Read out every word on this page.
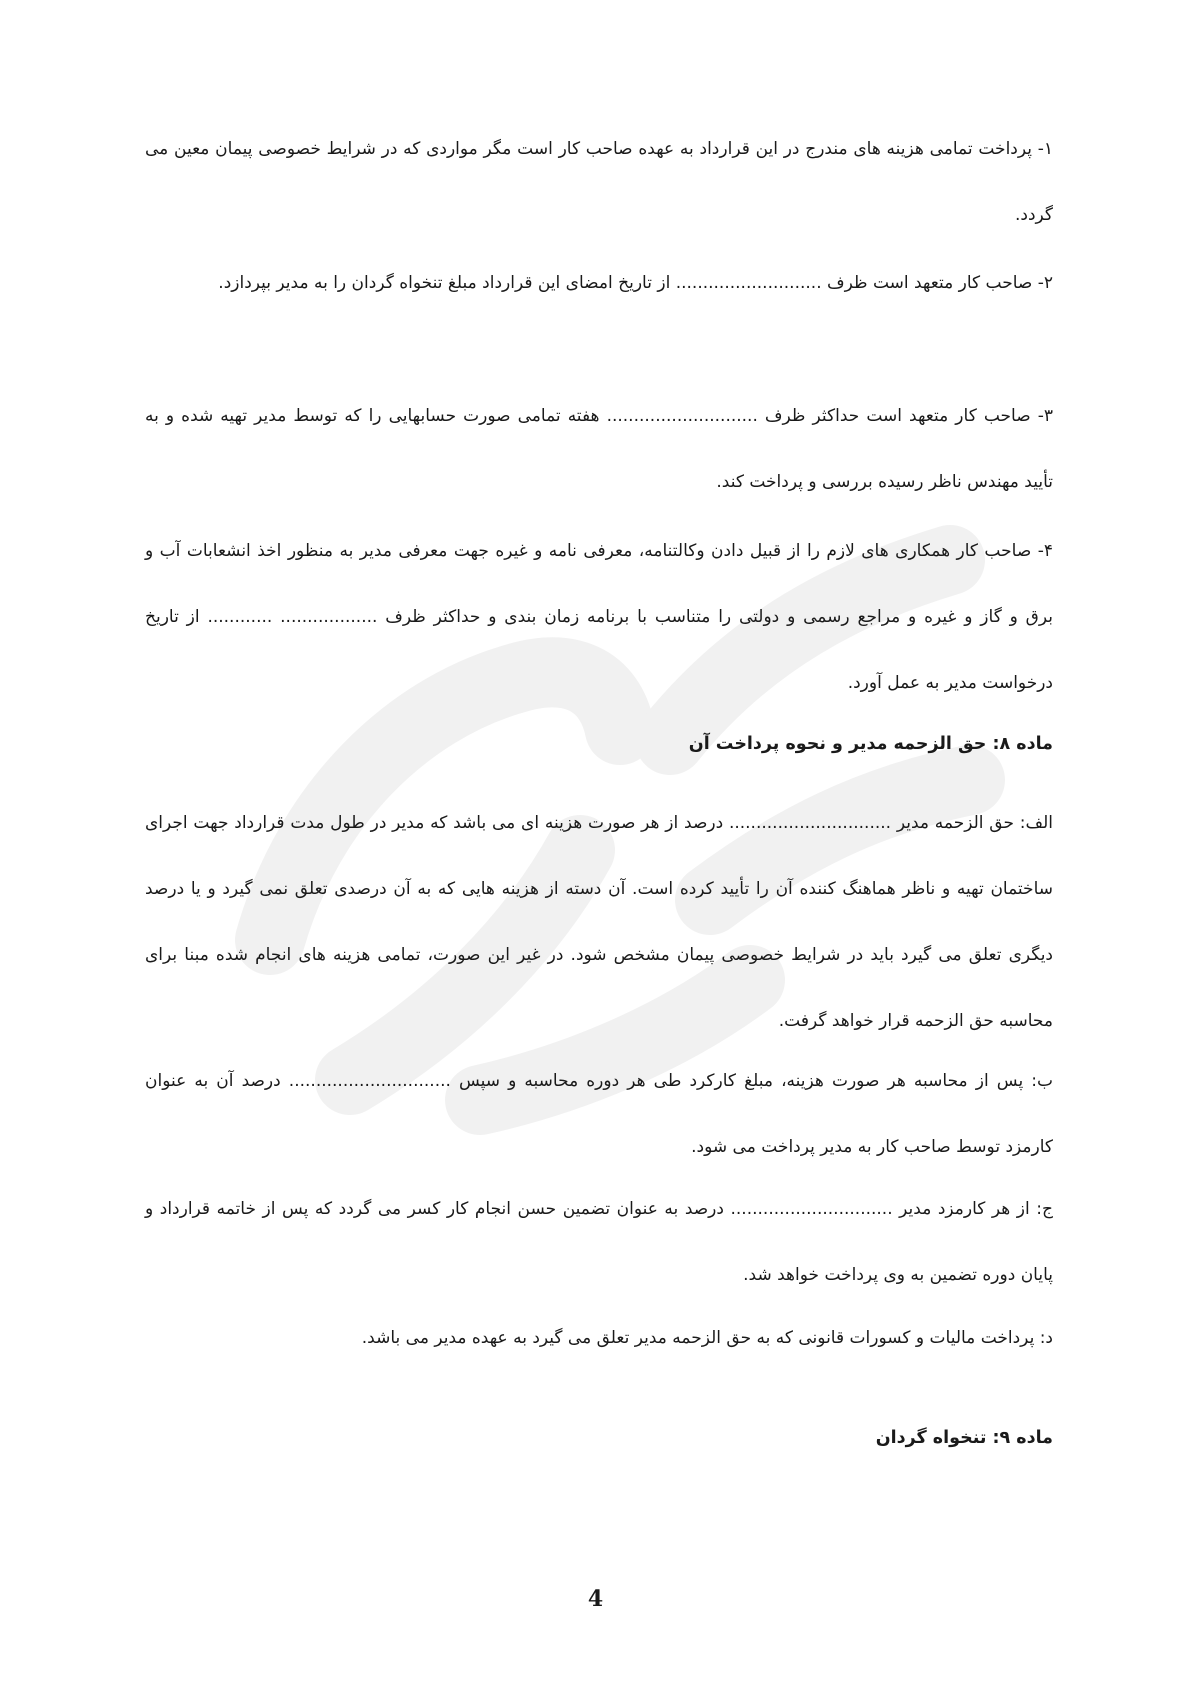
۱- پرداخت تمامی هزینه های مندرج در این قرارداد به عهده صاحب کار است مگر مواردی که در شرایط خصوصی پیمان معین می گردد.

۲- صاحب کار متعهد است ظرف ........................... از تاریخ امضای این قرارداد مبلغ تنخواه گردان را به مدیر بپردازد.

۳- صاحب کار متعهد است حداکثر ظرف ............................ هفته تمامی صورت حسابهایی را که توسط مدیر تهیه شده و به تأیید مهندس ناظر رسیده بررسی و پرداخت کند.

۴- صاحب کار همکاری های لازم را از قبیل دادن وکالتنامه، معرفی نامه و غیره جهت معرفی مدیر به منظور اخذ انشعابات آب و برق و گاز و غیره و مراجع رسمی و دولتی را متناسب با برنامه زمان بندی و حداکثر ظرف .................. ............ از تاریخ درخواست مدیر به عمل آورد.

ماده ۸: حق الزحمه مدیر و نحوه پرداخت آن

الف: حق الزحمه مدیر .............................. درصد از هر صورت هزینه ای می باشد که مدیر در طول مدت قرارداد جهت اجرای ساختمان تهیه و ناظر هماهنگ کننده آن را تأیید کرده است. آن دسته از هزینه هایی که به آن درصدی تعلق نمی گیرد و یا درصد دیگری تعلق می گیرد باید در شرایط خصوصی پیمان مشخص شود. در غیر این صورت، تمامی هزینه های انجام شده مبنا برای محاسبه حق الزحمه قرار خواهد گرفت.

ب: پس از محاسبه هر صورت هزینه، مبلغ کارکرد طی هر دوره محاسبه و سپس .............................. درصد آن به عنوان کارمزد توسط صاحب کار به مدیر پرداخت می شود.

ج: از هر کارمزد مدیر .............................. درصد به عنوان تضمین حسن انجام کار کسر می گردد که پس از خاتمه قرارداد و پایان دوره تضمین به وی پرداخت خواهد شد.

د: پرداخت مالیات و کسورات قانونی که به حق الزحمه مدیر تعلق می گیرد به عهده مدیر می باشد.

ماده ۹: تنخواه گردان
4
